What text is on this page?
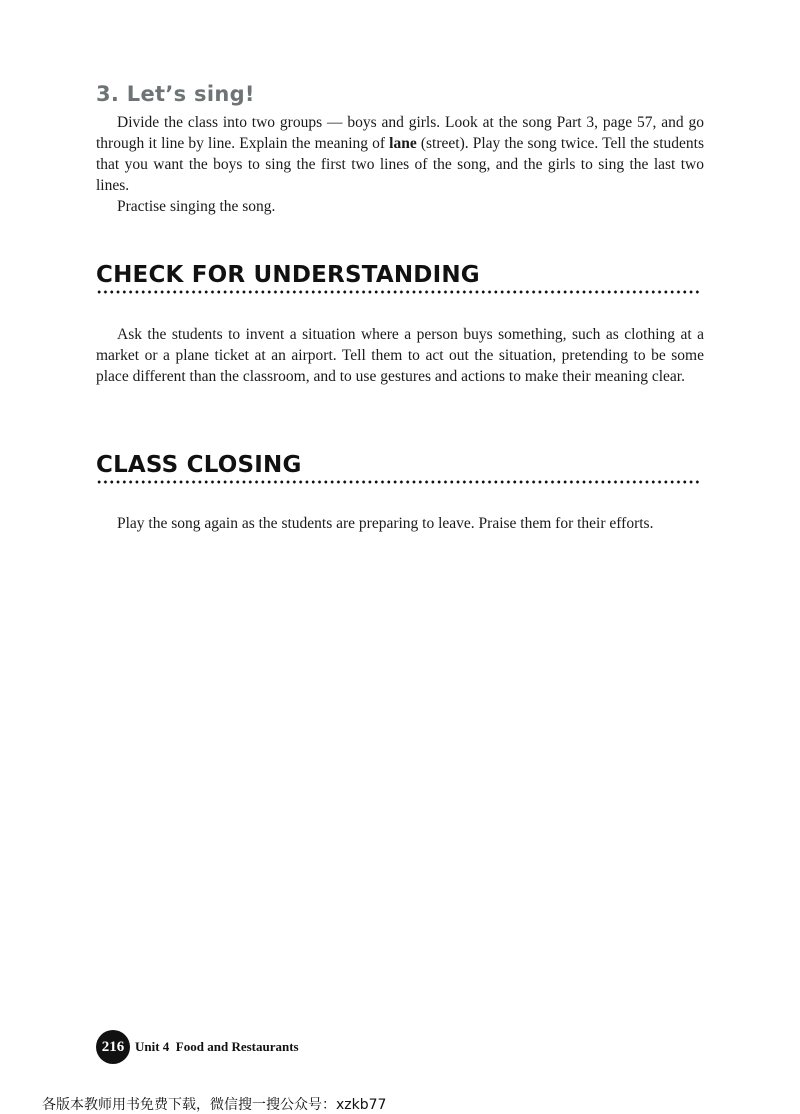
3. Let’s sing!

Divide the class into two groups — boys and girls. Look at the song Part 3, page 57, and go through it line by line. Explain the meaning of lane (street). Play the song twice. Tell the students that you want the boys to sing the first two lines of the song, and the girls to sing the last two lines.

Practise singing the song.

CHECK FOR UNDERSTANDING

Ask the students to invent a situation where a person buys something, such as clothing at a market or a plane ticket at an airport. Tell them to act out the situation, pretending to be some place different than the classroom, and to use gestures and actions to make their meaning clear.

CLASS CLOSING

Play the song again as the students are preparing to leave. Praise them for their efforts.

216 Unit 4  Food and Restaurants
各版本教师用书免费下载，微信搜一搜公众号：xzkb77
